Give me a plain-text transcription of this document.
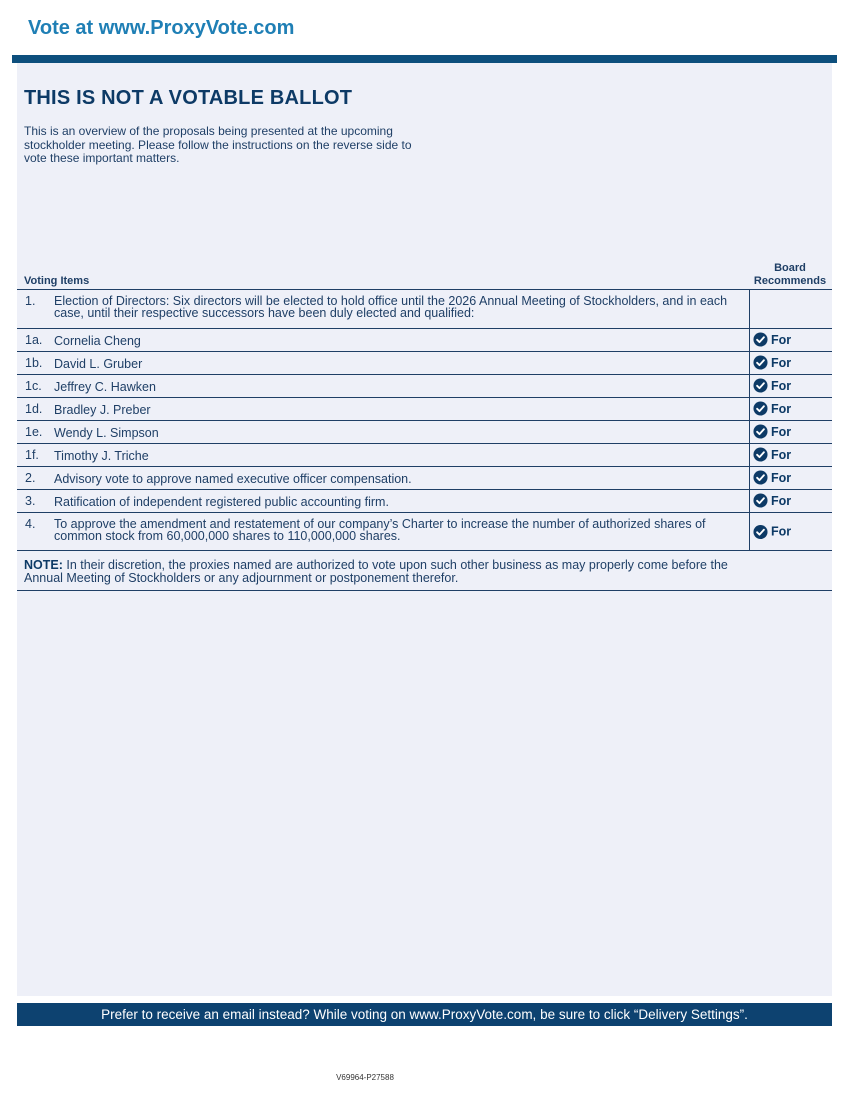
Vote at www.ProxyVote.com
THIS IS NOT A VOTABLE BALLOT
This is an overview of the proposals being presented at the upcoming stockholder meeting. Please follow the instructions on the reverse side to vote these important matters.
Voting Items
Board
Recommends
1. Election of Directors: Six directors will be elected to hold office until the 2026 Annual Meeting of Stockholders, and in each case, until their respective successors have been duly elected and qualified:
1a. Cornelia Cheng	For
1b. David L. Gruber	For
1c. Jeffrey C. Hawken	For
1d. Bradley J. Preber	For
1e. Wendy L. Simpson	For
1f. Timothy J. Triche	For
2. Advisory vote to approve named executive officer compensation.	For
3. Ratification of independent registered public accounting firm.	For
4. To approve the amendment and restatement of our company’s Charter to increase the number of authorized shares of common stock from 60,000,000 shares to 110,000,000 shares.	For
NOTE: In their discretion, the proxies named are authorized to vote upon such other business as may properly come before the Annual Meeting of Stockholders or any adjournment or postponement therefor.
Prefer to receive an email instead? While voting on www.ProxyVote.com, be sure to click “Delivery Settings”.
V69964-P27588
